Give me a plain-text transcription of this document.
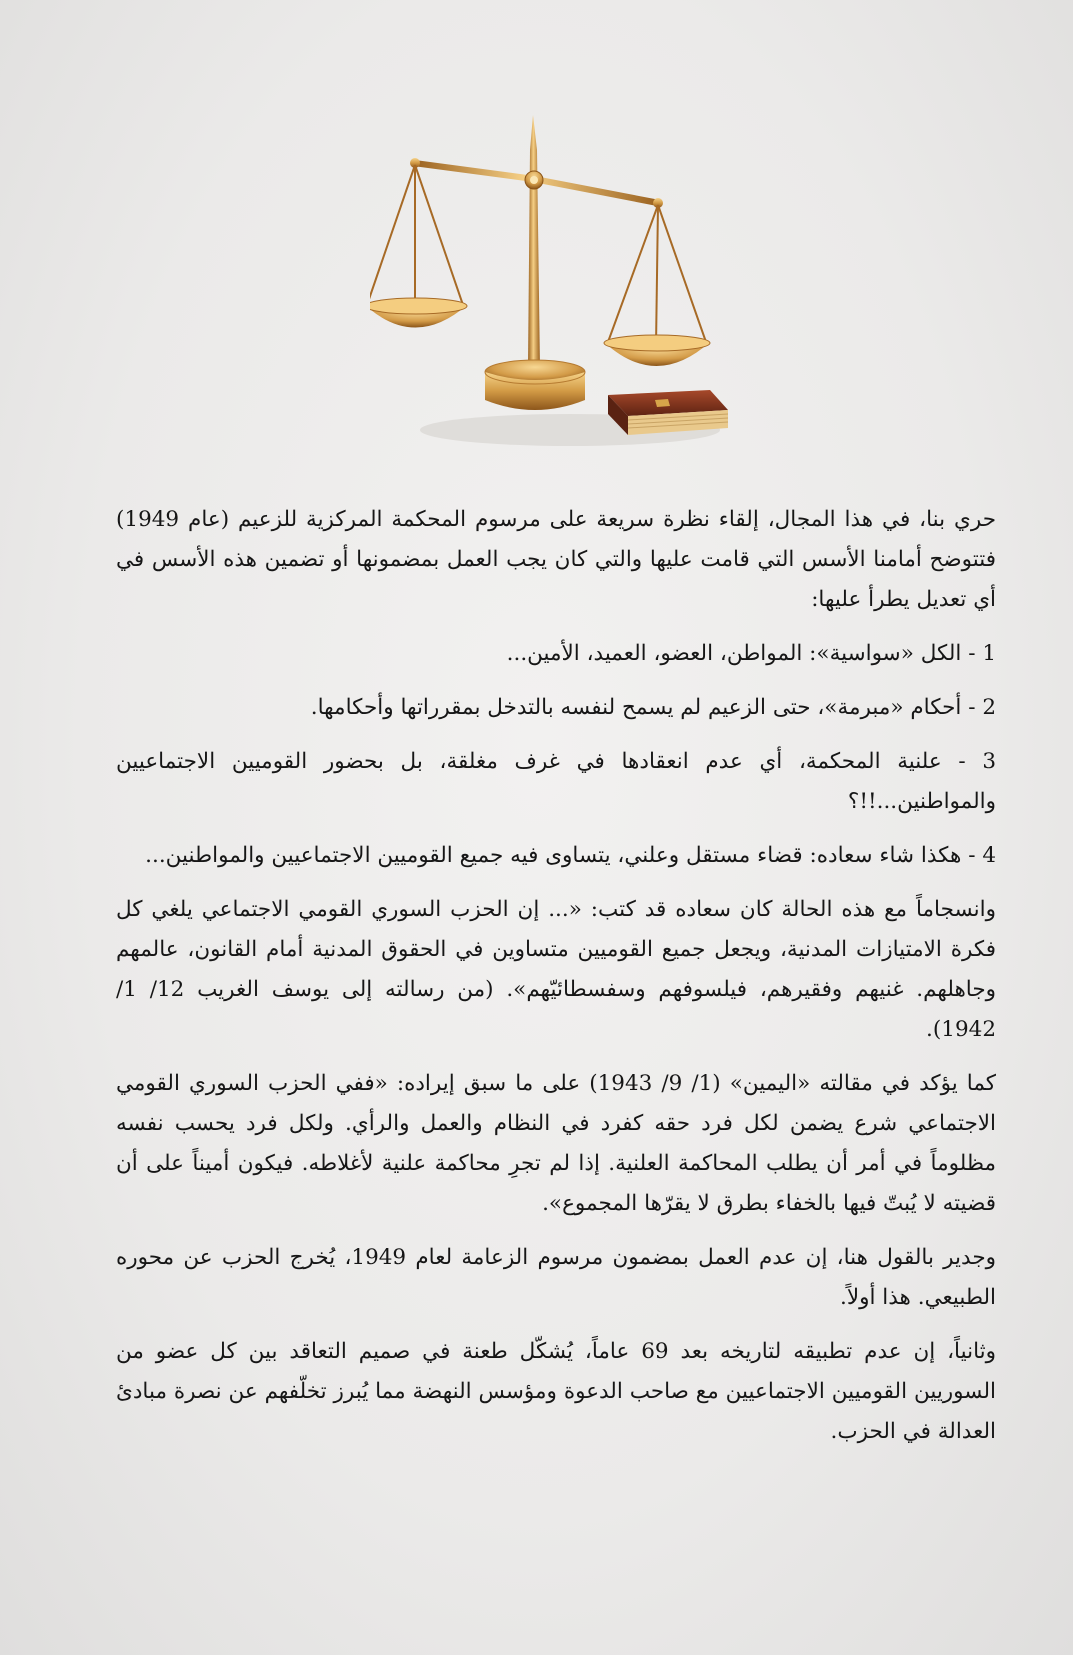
حري بنا، في هذا المجال، إلقاء نظرة سريعة على مرسوم المحكمة المركزية للزعيم (عام 1949) فتتوضح أمامنا الأسس التي قامت عليها والتي كان يجب العمل بمضمونها أو تضمين هذه الأسس في أي تعديل يطرأ عليها:

1 - الكل «سواسية»: المواطن، العضو، العميد، الأمين...

2 - أحكام «مبرمة»، حتى الزعيم لم يسمح لنفسه بالتدخل بمقرراتها وأحكامها.

3 - علنية المحكمة، أي عدم انعقادها في غرف مغلقة، بل بحضور القوميين الاجتماعيين والمواطنين...!!؟

4 - هكذا شاء سعاده: قضاء مستقل وعلني، يتساوى فيه جميع القوميين الاجتماعيين والمواطنين...

وانسجاماً مع هذه الحالة كان سعاده قد كتب: «... إن الحزب السوري القومي الاجتماعي يلغي كل فكرة الامتيازات المدنية، ويجعل جميع القوميين متساوين في الحقوق المدنية أمام القانون، عالمهم وجاهلهم. غنيهم وفقيرهم، فيلسوفهم وسفسطائيّهم». (من رسالته إلى يوسف الغريب 12/ 1/ 1942).

كما يؤكد في مقالته «اليمين» (1/ 9/ 1943) على ما سبق إيراده: «ففي الحزب السوري القومي الاجتماعي شرع يضمن لكل فرد حقه كفرد في النظام والعمل والرأي. ولكل فرد يحسب نفسه مظلوماً في أمر أن يطلب المحاكمة العلنية. إذا لم تجرِ محاكمة علنية لأغلاطه. فيكون أميناً على أن قضيته لا يُبتّ فيها بالخفاء بطرق لا يقرّها المجموع».

وجدير بالقول هنا، إن عدم العمل بمضمون مرسوم الزعامة لعام 1949، يُخرج الحزب عن محوره الطبيعي. هذا أولاً.

وثانياً، إن عدم تطبيقه لتاريخه بعد 69 عاماً، يُشكّل طعنة في صميم التعاقد بين كل عضو من السوريين القوميين الاجتماعيين مع صاحب الدعوة ومؤسس النهضة مما يُبرز تخلّفهم عن نصرة مبادئ العدالة في الحزب.
